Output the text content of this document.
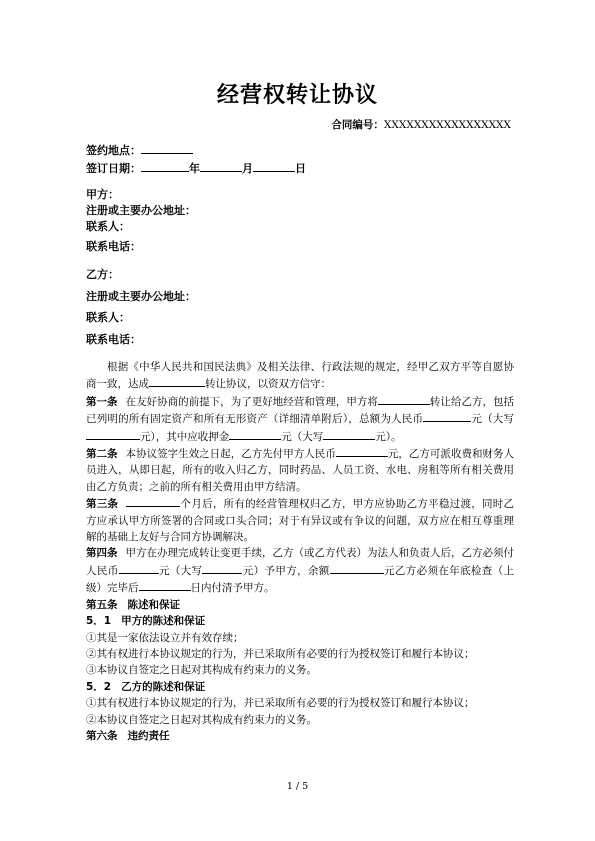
经营权转让协议
合同编号：XXXXXXXXXXXXXXXXX
签约地点：
签订日期：	年	月	日
甲方：
注册或主要办公地址：
联系人：
联系电话：
乙方：
注册或主要办公地址：
联系人：
联系电话：

根据《中华人民共和国民法典》及相关法律、行政法规的规定，经甲乙双方平等自愿协商一致，达成	转让协议，以资双方信守：

第一条 在友好协商的前提下，为了更好地经营和管理，甲方将	转让给乙方，包括已列明的所有固定资产和所有无形资产（详细清单附后），总额为人民币	元（大写元），其中应收押金	元（大写	元）。

第二条 本协议签字生效之日起，乙方先付甲方人民币	元，乙方可派收费和财务人员进入，从即日起，所有的收入归乙方，同时药品、人员工资、水电、房租等所有相关费用由乙方负责；之前的所有相关费用由甲方结清。

第三条	个月后，所有的经营管理权归乙方，甲方应协助乙方平稳过渡，同时乙方应承认甲方所签署的合同或口头合同；对于有异议或有争议的问题，双方应在相互尊重理解的基础上友好与合同方协调解决。

第四条 甲方在办理完成转让变更手续，乙方（或乙方代表）为法人和负责人后，乙方必须付人民币	元（大写	元）予甲方，余额	元乙方必须在年底检查（上级）完毕后	日内付清予甲方。

第五条 陈述和保证

5．1 甲方的陈述和保证

①其是一家依法设立并有效存续；

②其有权进行本协议规定的行为，并已采取所有必要的行为授权签订和履行本协议；

③本协议自签定之日起对其构成有约束力的义务。

5．2 乙方的陈述和保证

①其有权进行本协议规定的行为，并已采取所有必要的行为授权签订和履行本协议；

②本协议自签定之日起对其构成有约束力的义务。

第六条 违约责任

1 / 5
